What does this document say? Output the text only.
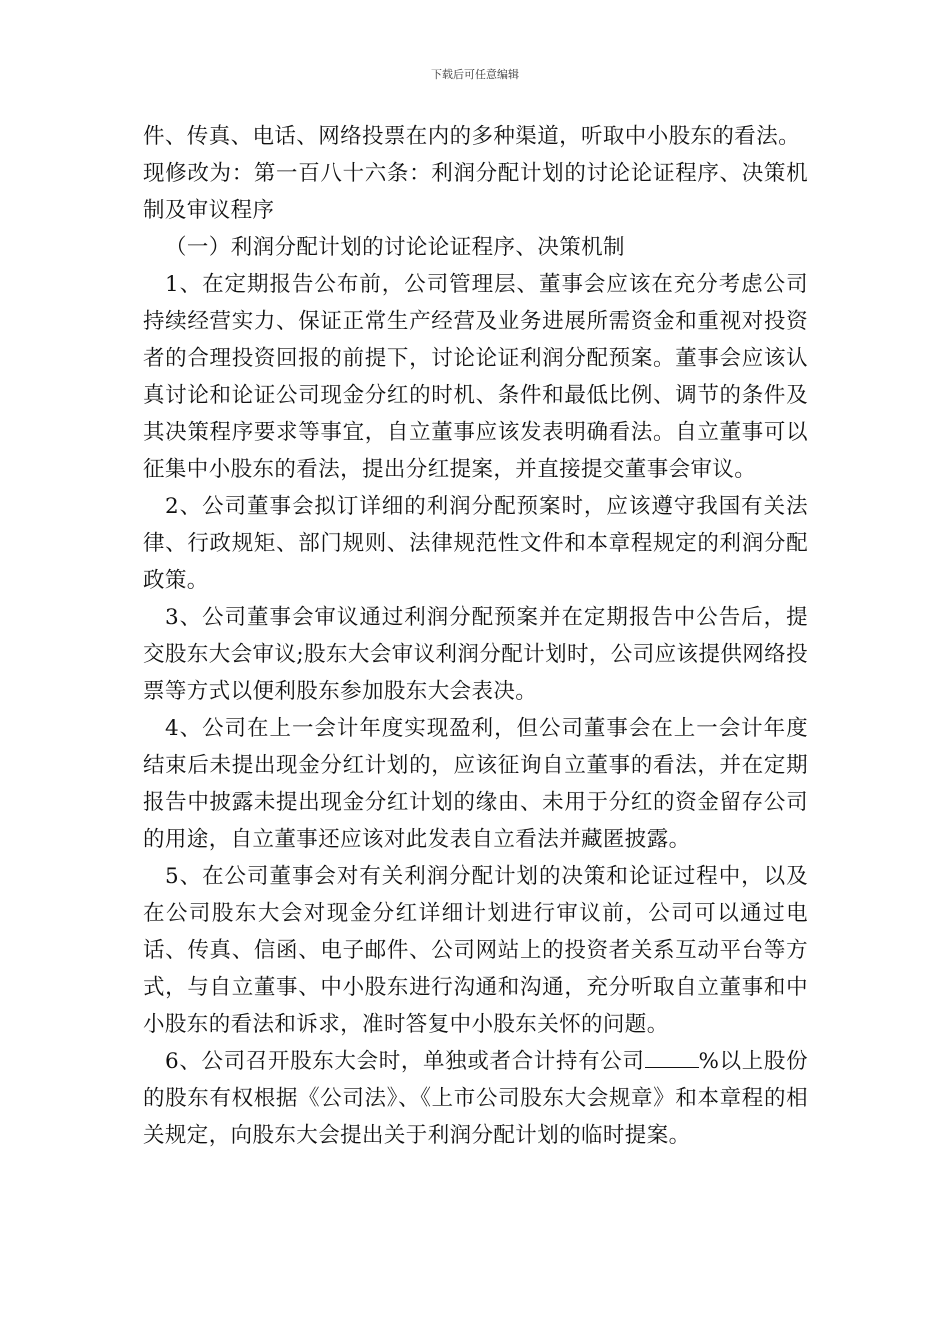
下载后可任意编辑

件、传真、电话、网络投票在内的多种渠道，听取中小股东的看法。

现修改为：第一百八十六条：利润分配计划的讨论论证程序、决策机制及审议程序

（一）利润分配计划的讨论论证程序、决策机制

1、在定期报告公布前，公司管理层、董事会应该在充分考虑公司持续经营实力、保证正常生产经营及业务进展所需资金和重视对投资者的合理投资回报的前提下，讨论论证利润分配预案。董事会应该认真讨论和论证公司现金分红的时机、条件和最低比例、调节的条件及其决策程序要求等事宜，自立董事应该发表明确看法。自立董事可以征集中小股东的看法，提出分红提案，并直接提交董事会审议。

2、公司董事会拟订详细的利润分配预案时，应该遵守我国有关法律、行政规矩、部门规则、法律规范性文件和本章程规定的利润分配政策。

3、公司董事会审议通过利润分配预案并在定期报告中公告后，提交股东大会审议;股东大会审议利润分配计划时，公司应该提供网络投票等方式以便利股东参加股东大会表决。

4、公司在上一会计年度实现盈利，但公司董事会在上一会计年度结束后未提出现金分红计划的，应该征询自立董事的看法，并在定期报告中披露未提出现金分红计划的缘由、未用于分红的资金留存公司的用途，自立董事还应该对此发表自立看法并藏匿披露。

5、在公司董事会对有关利润分配计划的决策和论证过程中，以及在公司股东大会对现金分红详细计划进行审议前，公司可以通过电话、传真、信函、电子邮件、公司网站上的投资者关系互动平台等方式，与自立董事、中小股东进行沟通和沟通，充分听取自立董事和中小股东的看法和诉求，准时答复中小股东关怀的问题。

6、公司召开股东大会时，单独或者合计持有公司	%以上股份的股东有权根据《公司法》、《上市公司股东大会规章》和本章程的相关规定，向股东大会提出关于利润分配计划的临时提案。
